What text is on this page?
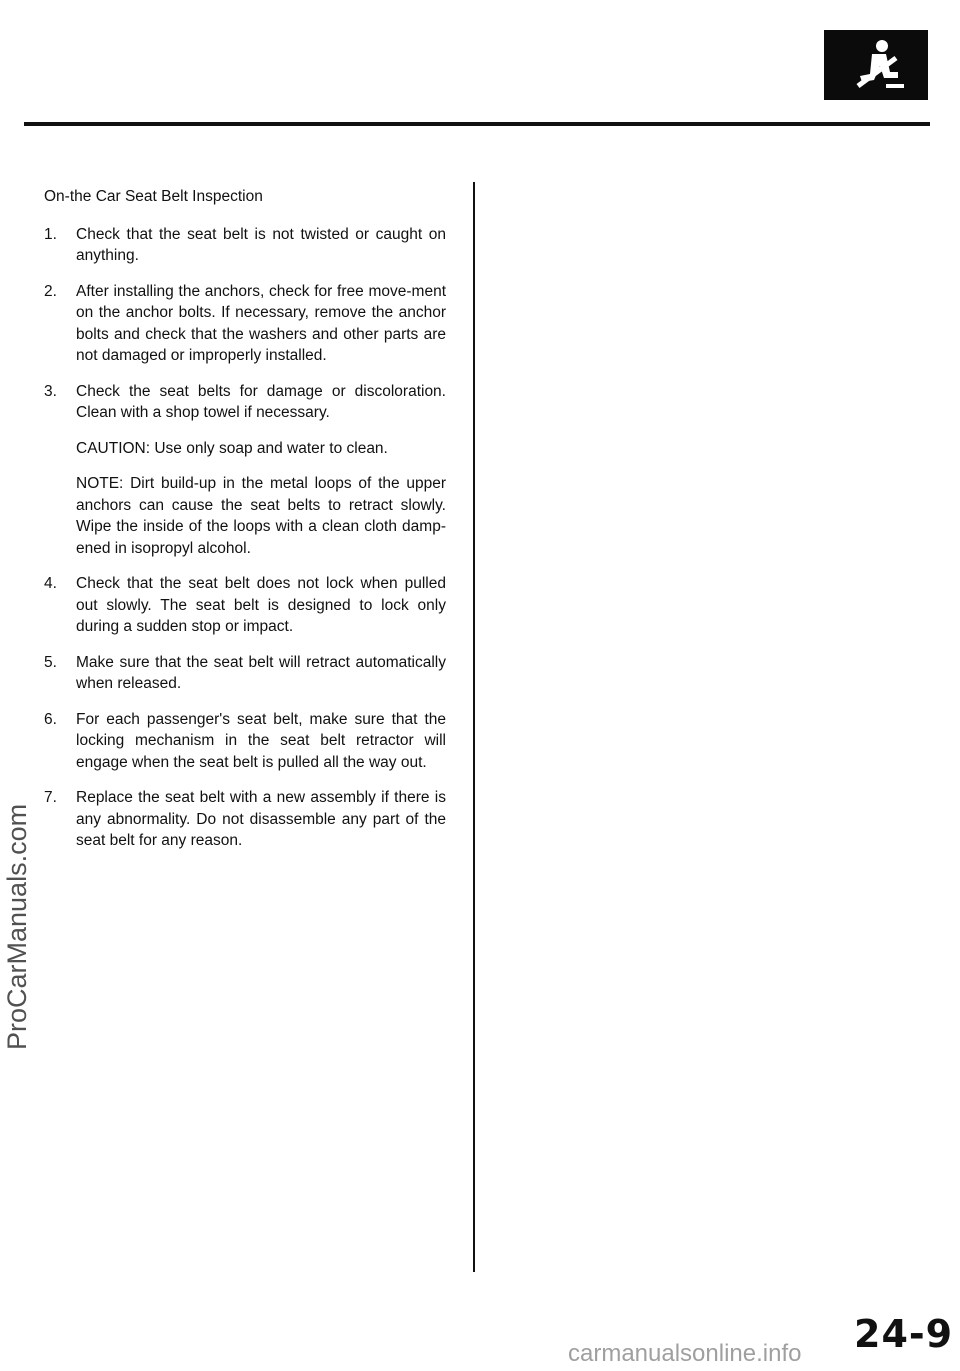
On-the Car Seat Belt Inspection
1.	Check that the seat belt is not twisted or caught on anything.
2.	After installing the anchors, check for free move-ment on the anchor bolts. If necessary, remove the anchor bolts and check that the washers and other parts are not damaged or improperly installed.
3.	Check the seat belts for damage or discoloration. Clean with a shop towel if necessary.
CAUTION: Use only soap and water to clean.
NOTE: Dirt build-up in the metal loops of the upper anchors can cause the seat belts to retract slowly. Wipe the inside of the loops with a clean cloth damp-ened in isopropyl alcohol.
4.	Check that the seat belt does not lock when pulled out slowly. The seat belt is designed to lock only during a sudden stop or impact.
5.	Make sure that the seat belt will retract automatically when released.
6.	For each passenger's seat belt, make sure that the locking mechanism in the seat belt retractor will engage when the seat belt is pulled all the way out.
7.	Replace the seat belt with a new assembly if there is any abnormality. Do not disassemble any part of the seat belt for any reason.
24-9
ProCarManuals.com
carmanualsonline.info
